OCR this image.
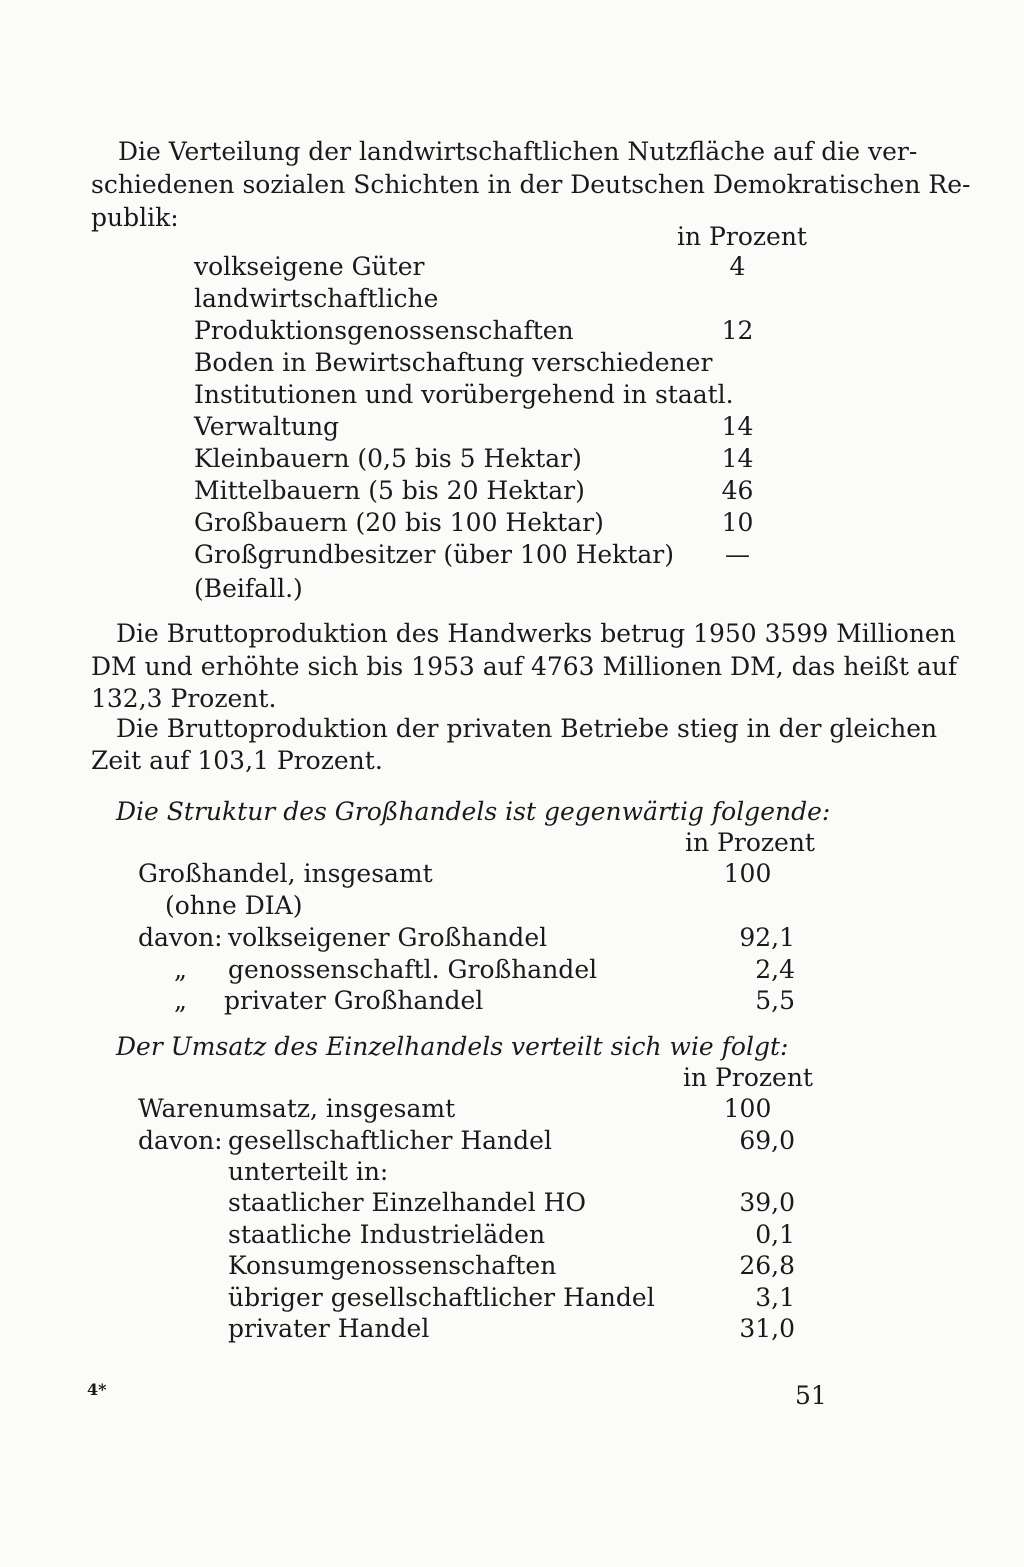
Die Verteilung der landwirtschaftlichen Nutzfläche auf die ver-
schiedenen sozialen Schichten in der Deutschen Demokratischen Re-
publik:
in Prozent
volkseigene Güter	4
landwirtschaftliche
Produktionsgenossenschaften	12
Boden in Bewirtschaftung verschiedener
Institutionen und vorübergehend in staatl.
Verwaltung	14
Kleinbauern (0,5 bis 5 Hektar)	14
Mittelbauern (5 bis 20 Hektar)	46
Großbauern (20 bis 100 Hektar)	10
Großgrundbesitzer (über 100 Hektar)	—
(Beifall.)
Die Bruttoproduktion des Handwerks betrug 1950 3599 Millionen
DM und erhöhte sich bis 1953 auf 4763 Millionen DM, das heißt auf
132,3 Prozent.
Die Bruttoproduktion der privaten Betriebe stieg in der gleichen
Zeit auf 103,1 Prozent.
Die Struktur des Großhandels ist gegenwärtig folgende:
in Prozent
Großhandel, insgesamt	100
(ohne DIA)
davon: volkseigener Großhandel	92,1
„ genossenschaftl. Großhandel	2,4
„ privater Großhandel	5,5
Der Umsatz des Einzelhandels verteilt sich wie folgt:
in Prozent
Warenumsatz, insgesamt	100
davon: gesellschaftlicher Handel	69,0
unterteilt in:
staatlicher Einzelhandel HO	39,0
staatliche Industrieläden	0,1
Konsumgenossenschaften	26,8
übriger gesellschaftlicher Handel	3,1
privater Handel	31,0
4*	51
